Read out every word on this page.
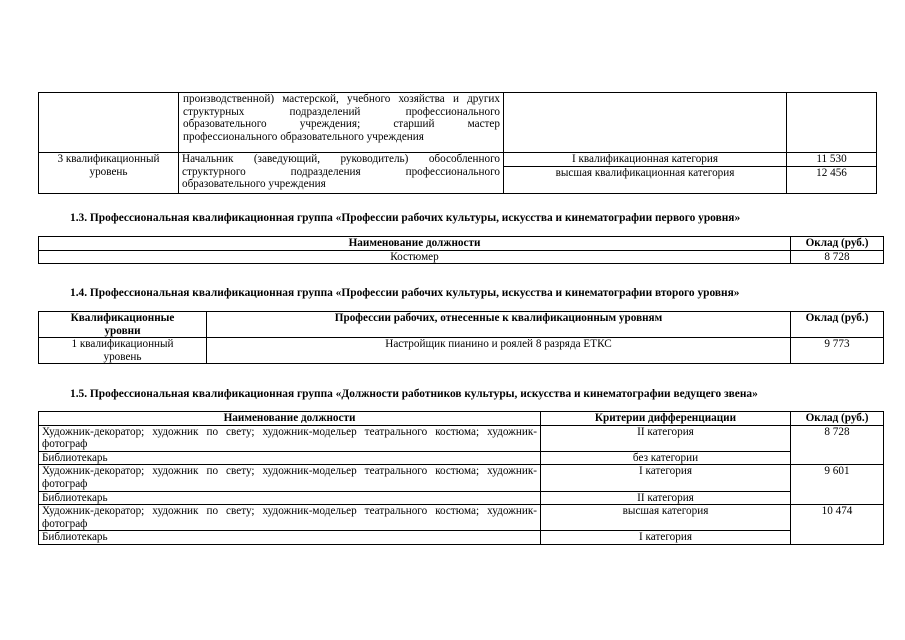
	производственной) мастерской, учебного хозяйства и других структурных подразделений профессионального образовательного учреждения; старший мастер профессионального образовательного учреждения		
3 квалификационный уровень	Начальник (заведующий, руководитель) обособленного структурного подразделения профессионального образовательного учреждения	I квалификационная категория	11 530
		высшая квалификационная категория	12 456
1.3. Профессиональная квалификационная группа «Профессии рабочих культуры, искусства и кинематографии первого уровня»
Наименование должности	Оклад (руб.)
Костюмер	8 728
1.4. Профессиональная квалификационная группа «Профессии рабочих культуры, искусства и кинематографии второго уровня»
Квалификационные уровни	Профессии рабочих, отнесенные к квалификационным уровням	Оклад (руб.)
1 квалификационный уровень	Настройщик пианино и роялей 8 разряда ЕТКС	9 773
1.5. Профессиональная квалификационная группа «Должности работников культуры, искусства и кинематографии ведущего звена»
Наименование должности	Критерии дифференциации	Оклад (руб.)
Художник-декоратор; художник по свету; художник-модельер театрального костюма; художник-фотограф	II категория	8 728
Библиотекарь	без категории	
Художник-декоратор; художник по свету; художник-модельер театрального костюма; художник-фотограф	I категория	9 601
Библиотекарь	II категория	
Художник-декоратор; художник по свету; художник-модельер театрального костюма; художник-фотограф	высшая категория	10 474
Библиотекарь	I категория	
